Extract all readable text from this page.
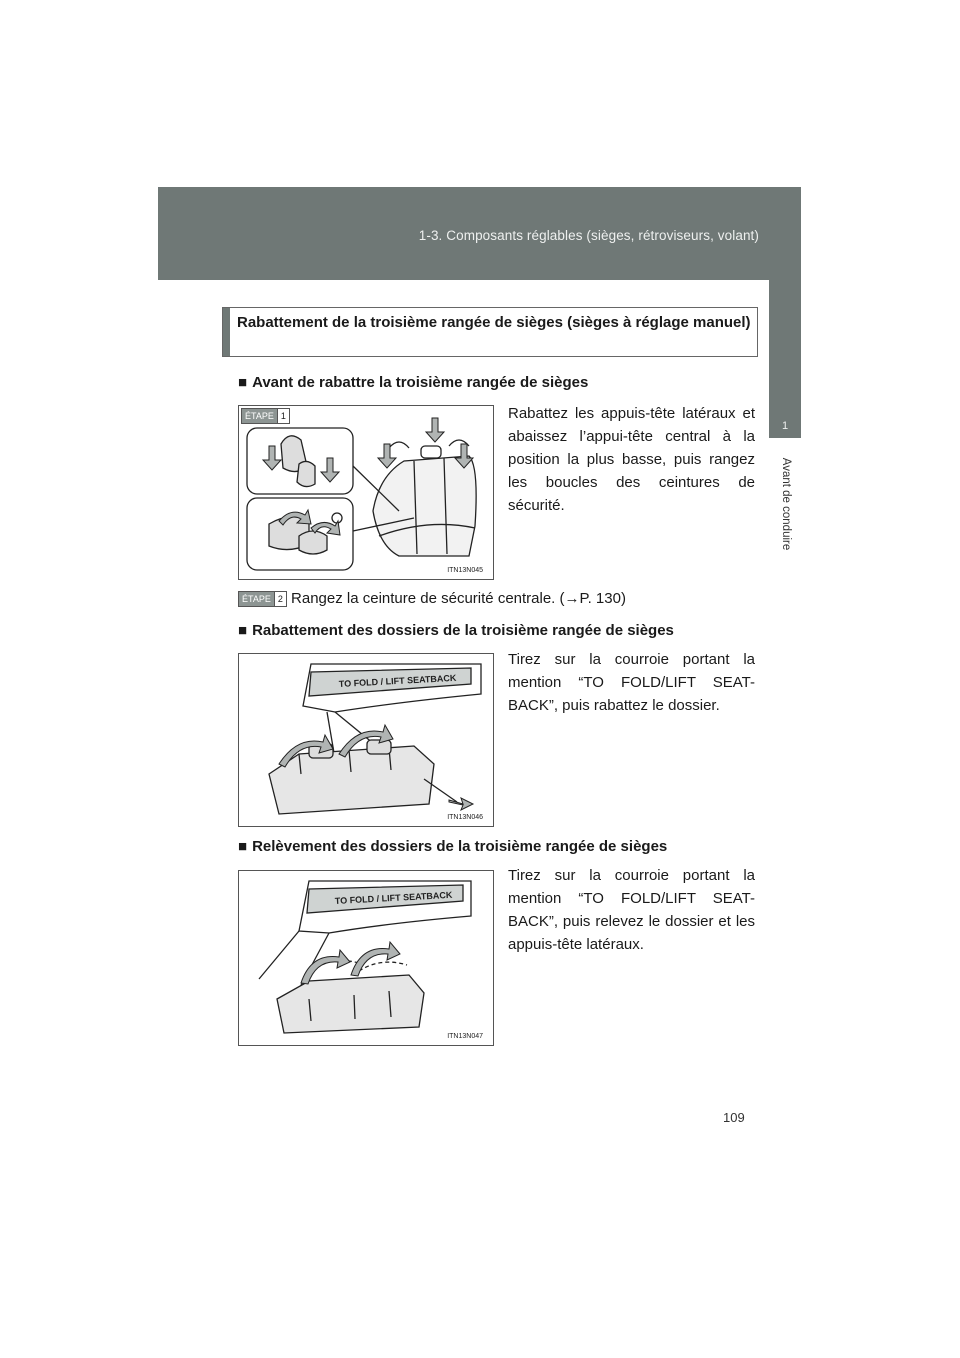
1-3. Composants réglables (sièges, rétroviseurs, volant)
1
Avant de conduire
Rabattement de la troisième rangée de sièges (sièges à réglage manuel)
■ Avant de rabattre la troisième rangée de sièges
ÉTAPE 1
ITN13N045
Rabattez les appuis-tête latéraux et abaissez l’appui-tête central à la position la plus basse, puis rangez les boucles des ceintures de sécurité.
ÉTAPE 2 Rangez la ceinture de sécurité centrale. (→P. 130)
■ Rabattement des dossiers de la troisième rangée de sièges
TO FOLD / LIFT SEATBACK
ITN13N046
Tirez sur la courroie portant la mention “TO FOLD/LIFT SEAT-BACK”, puis rabattez le dossier.
■ Relèvement des dossiers de la troisième rangée de sièges
TO FOLD / LIFT SEATBACK
ITN13N047
Tirez sur la courroie portant la mention “TO FOLD/LIFT SEAT-BACK”, puis relevez le dossier et les appuis-tête latéraux.
109
